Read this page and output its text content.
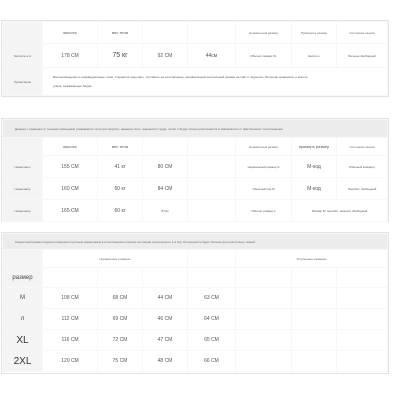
	высота	вес тела			Нормальный размер	Примерить размер	Состояние износа
Nemarra a xt	178 СМ	75 кг	92 СМ	44см	Обычно размер XL	Носить L	Больше свободный
Примечание	Воспроизведение и индивидуальные точки, стараются подогнать, поставить на изготовление, неправильный контрольный размер на сайт и подогнать. Большие сравнения, и многое
длине, выражающее бедра.						
Данные о примерке (с точными размерами узнаваемого тела при покупке): размеры плеч, окружности груди, талии и бедер сильно различаются в зависимости от фактического телосложения							
	высота	вес тела			Нормальный размер	примерь размер	Состояние износа
Немаловер	155 СМ	41 кг	80 СМ		Нормальный размер S	М-код	Обычный комфорт
Немаловер	160 СМ	50 кг	84 СМ		Обычный код M	М-код	Перебот, свободный
Немаловер	165 СМ	60 кг	87см		Обычно размер L	Размер М: перебит, немного свободный	
Конкретный размер изделия измеряется ручным измерением в естественном плоском состоянии (погрешность 1-3 см). Погрешность будет больше для эластичных тканей							
	Нормальные размеры				Устроенные размеры		
размер							
M	108 СМ	68 СМ	44 СМ	63 СМ			
л	112 СМ	69 СМ	46 СМ	64 СМ			
XL	116 СМ	72 СМ	47 СМ	65 СМ			
2XL	120 СМ	75 СМ	48 СМ	66 СМ			
